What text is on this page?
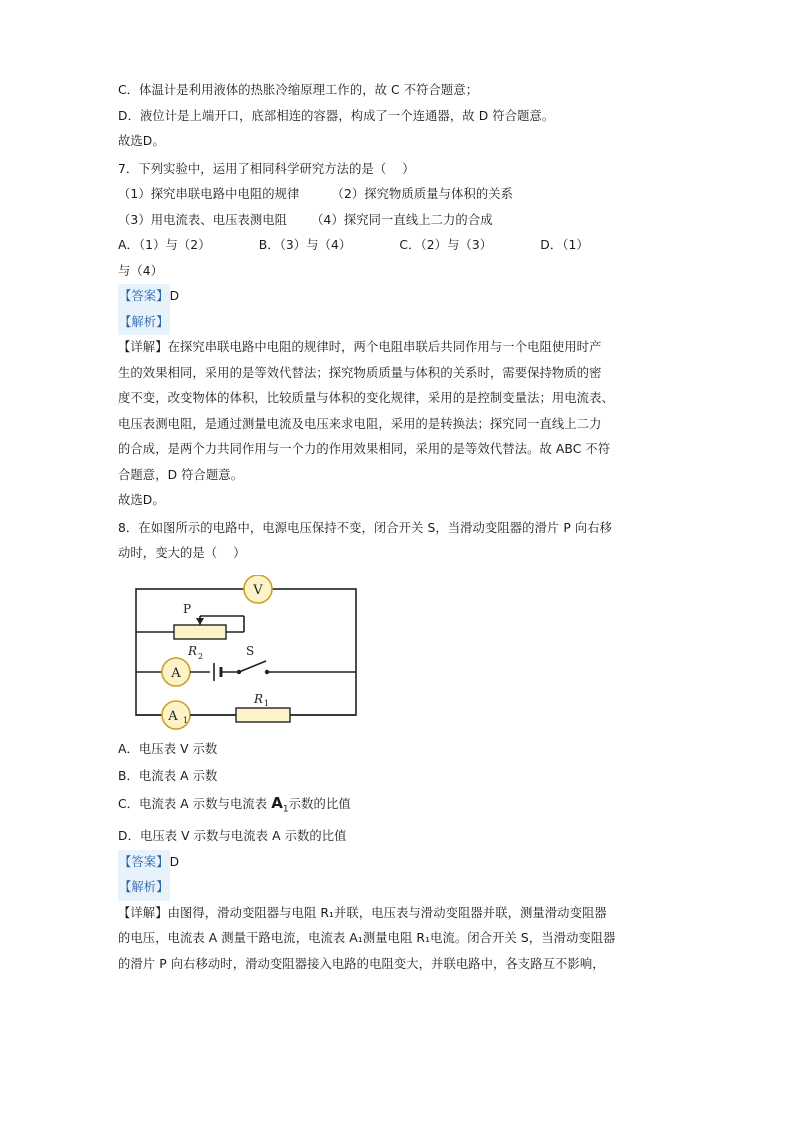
C．体温计是利用液体的热胀冷缩原理工作的，故 C 不符合题意；
D．液位计是上端开口，底部相连的容器，构成了一个连通器，故 D 符合题意。
故选D。
7．下列实验中，运用了相同科学研究方法的是（    ）
（1）探究串联电路中电阻的规律        （2）探究物质质量与体积的关系
（3）用电流表、电压表测电阻      （4）探究同一直线上二力的合成
A．（1）与（2）            B．（3）与（4）            C．（2）与（3）            D．（1）
与（4）
【答案】D
【解析】
【详解】在探究串联电路中电阻的规律时，两个电阻串联后共同作用与一个电阻使用时产
生的效果相同，采用的是等效代替法；探究物质质量与体积的关系时，需要保持物质的密
度不变，改变物体的体积，比较质量与体积的变化规律，采用的是控制变量法；用电流表、
电压表测电阻，是通过测量电流及电压来求电阻，采用的是转换法；探究同一直线上二力
的合成，是两个力共同作用与一个力的作用效果相同，采用的是等效代替法。故 ABC 不符
合题意，D 符合题意。
故选D。
8．在如图所示的电路中，电源电压保持不变，闭合开关 S，当滑动变阻器的滑片 P 向右移
动时，变大的是（    ）
V
P
R 2
A
S
A 1
R 1
A．电压表 V 示数
B．电流表 A 示数
C．电流表 A 示数与电流表 $A_1$示数的比值
D．电压表 V 示数与电流表 A 示数的比值
【答案】D
【解析】
【详解】由图得，滑动变阻器与电阻 R₁并联，电压表与滑动变阻器并联，测量滑动变阻器
的电压，电流表 A 测量干路电流，电流表 A₁测量电阻 R₁电流。闭合开关 S，当滑动变阻器
的滑片 P 向右移动时，滑动变阻器接入电路的电阻变大，并联电路中，各支路互不影响，
